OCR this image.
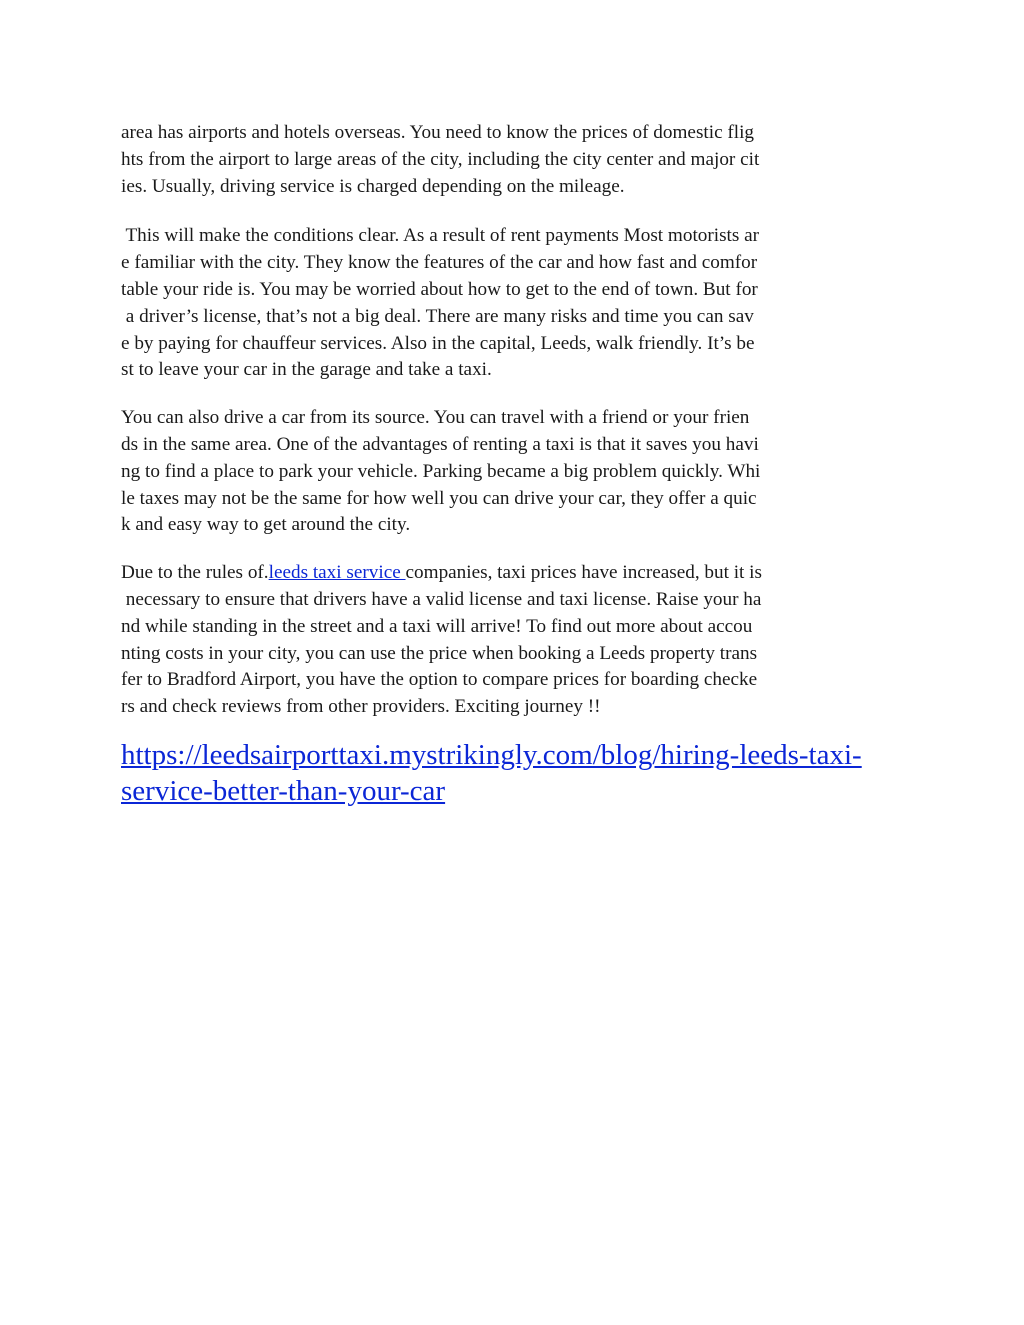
area has airports and hotels overseas. You need to know the prices of domestic flig
hts from the airport to large areas of the city, including the city center and major cit
ies. Usually, driving service is charged depending on the mileage.

This will make the conditions clear. As a result of rent payments Most motorists ar
e familiar with the city. They know the features of the car and how fast and comfor
table your ride is. You may be worried about how to get to the end of town. But for
a driver’s license, that’s not a big deal. There are many risks and time you can sav
e by paying for chauffeur services. Also in the capital, Leeds, walk friendly. It’s be
st to leave your car in the garage and take a taxi.

You can also drive a car from its source. You can travel with a friend or your frien
ds in the same area. One of the advantages of renting a taxi is that it saves you havi
ng to find a place to park your vehicle. Parking became a big problem quickly. Whi
le taxes may not be the same for how well you can drive your car, they offer a quic
k and easy way to get around the city.

Due to the rules of.leeds taxi service companies, taxi prices have increased, but it is
necessary to ensure that drivers have a valid license and taxi license. Raise your ha
nd while standing in the street and a taxi will arrive! To find out more about accou
nting costs in your city, you can use the price when booking a Leeds property trans
fer to Bradford Airport, you have the option to compare prices for boarding checke
rs and check reviews from other providers. Exciting journey !!

https://leedsairporttaxi.mystrikingly.com/blog/hiring-leeds-taxi-
service-better-than-your-car
